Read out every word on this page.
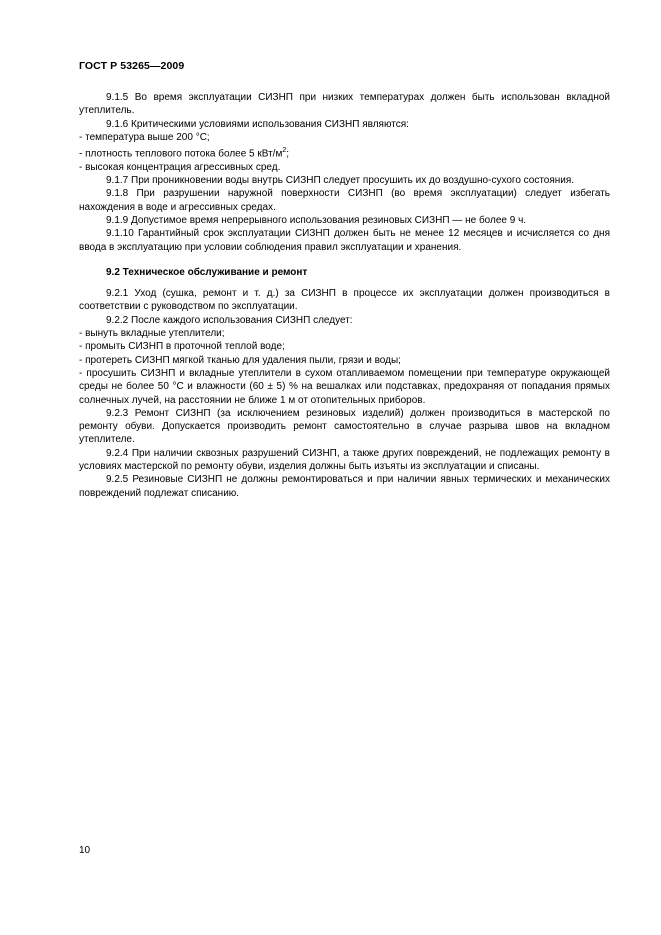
ГОСТ Р 53265—2009

9.1.5 Во время эксплуатации СИЗНП при низких температурах должен быть использован вкладной утеплитель.

9.1.6 Критическими условиями использования СИЗНП являются:

- температура выше 200 °С;

- плотность теплового потока более 5 кВт/$м^2$;

- высокая концентрация агрессивных сред.

9.1.7 При проникновении воды внутрь СИЗНП следует просушить их до воздушно-сухого состояния.

9.1.8 При разрушении наружной поверхности СИЗНП (во время эксплуатации) следует избегать нахождения в воде и агрессивных средах.

9.1.9 Допустимое время непрерывного использования резиновых СИЗНП — не более 9 ч.

9.1.10 Гарантийный срок эксплуатации СИЗНП должен быть не менее 12 месяцев и исчисляется со дня ввода в эксплуатацию при условии соблюдения правил эксплуатации и хранения.

9.2 Техническое обслуживание и ремонт

9.2.1 Уход (сушка, ремонт и т. д.) за СИЗНП в процессе их эксплуатации должен производиться в соответствии с руководством по эксплуатации.

9.2.2 После каждого использования СИЗНП следует:

- вынуть вкладные утеплители;

- промыть СИЗНП в проточной теплой воде;

- протереть СИЗНП мягкой тканью для удаления пыли, грязи и воды;

- просушить СИЗНП и вкладные утеплители в сухом отапливаемом помещении при температуре окружающей среды не более 50 °С и влажности (60 ± 5) % на вешалках или подставках, предохраняя от попадания прямых солнечных лучей, на расстоянии не ближе 1 м от отопительных приборов.

9.2.3 Ремонт СИЗНП (за исключением резиновых изделий) должен производиться в мастерской по ремонту обуви. Допускается производить ремонт самостоятельно в случае разрыва швов на вкладном утеплителе.

9.2.4 При наличии сквозных разрушений СИЗНП, а также других повреждений, не подлежащих ремонту в условиях мастерской по ремонту обуви, изделия должны быть изъяты из эксплуатации и списаны.

9.2.5 Резиновые СИЗНП не должны ремонтироваться и при наличии явных термических и механических повреждений подлежат списанию.

10
